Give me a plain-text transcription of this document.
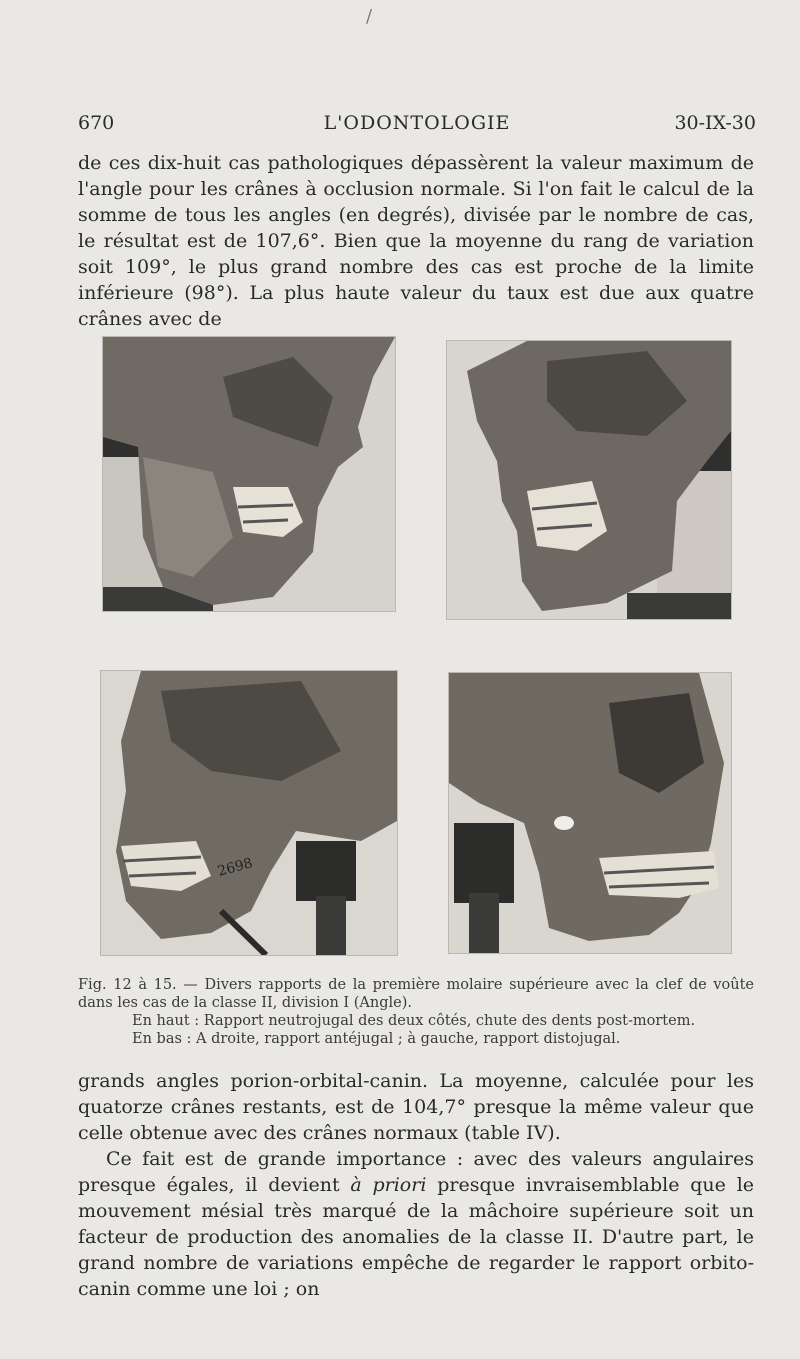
/
670	L'ODONTOLOGIE	30-IX-30

de ces dix-huit cas pathologiques dépassèrent la valeur maximum de l'angle pour les crânes à occlusion normale. Si l'on fait le calcul de la somme de tous les angles (en degrés), divisée par le nombre de cas, le résultat est de 107,6°. Bien que la moyenne du rang de variation soit 109°, le plus grand nombre des cas est proche de la limite inférieure (98°). La plus haute valeur du taux est due aux quatre crânes avec de

2698

Fig. 12 à 15. — Divers rapports de la première molaire supérieure avec la clef de voûte dans les cas de la classe II, division I (Angle).

En haut : Rapport neutrojugal des deux côtés, chute des dents post-mortem.

En bas : A droite, rapport antéjugal ; à gauche, rapport distojugal.

grands angles porion-orbital-canin. La moyenne, calculée pour les quatorze crânes restants, est de 104,7° presque la même valeur que celle obtenue avec des crânes normaux (table IV).

Ce fait est de grande importance : avec des valeurs angulaires presque égales, il devient à priori presque invraisemblable que le mouvement mésial très marqué de la mâchoire supérieure soit un facteur de production des anomalies de la classe II. D'autre part, le grand nombre de variations empêche de regarder le rapport orbito-canin comme une loi ; on
